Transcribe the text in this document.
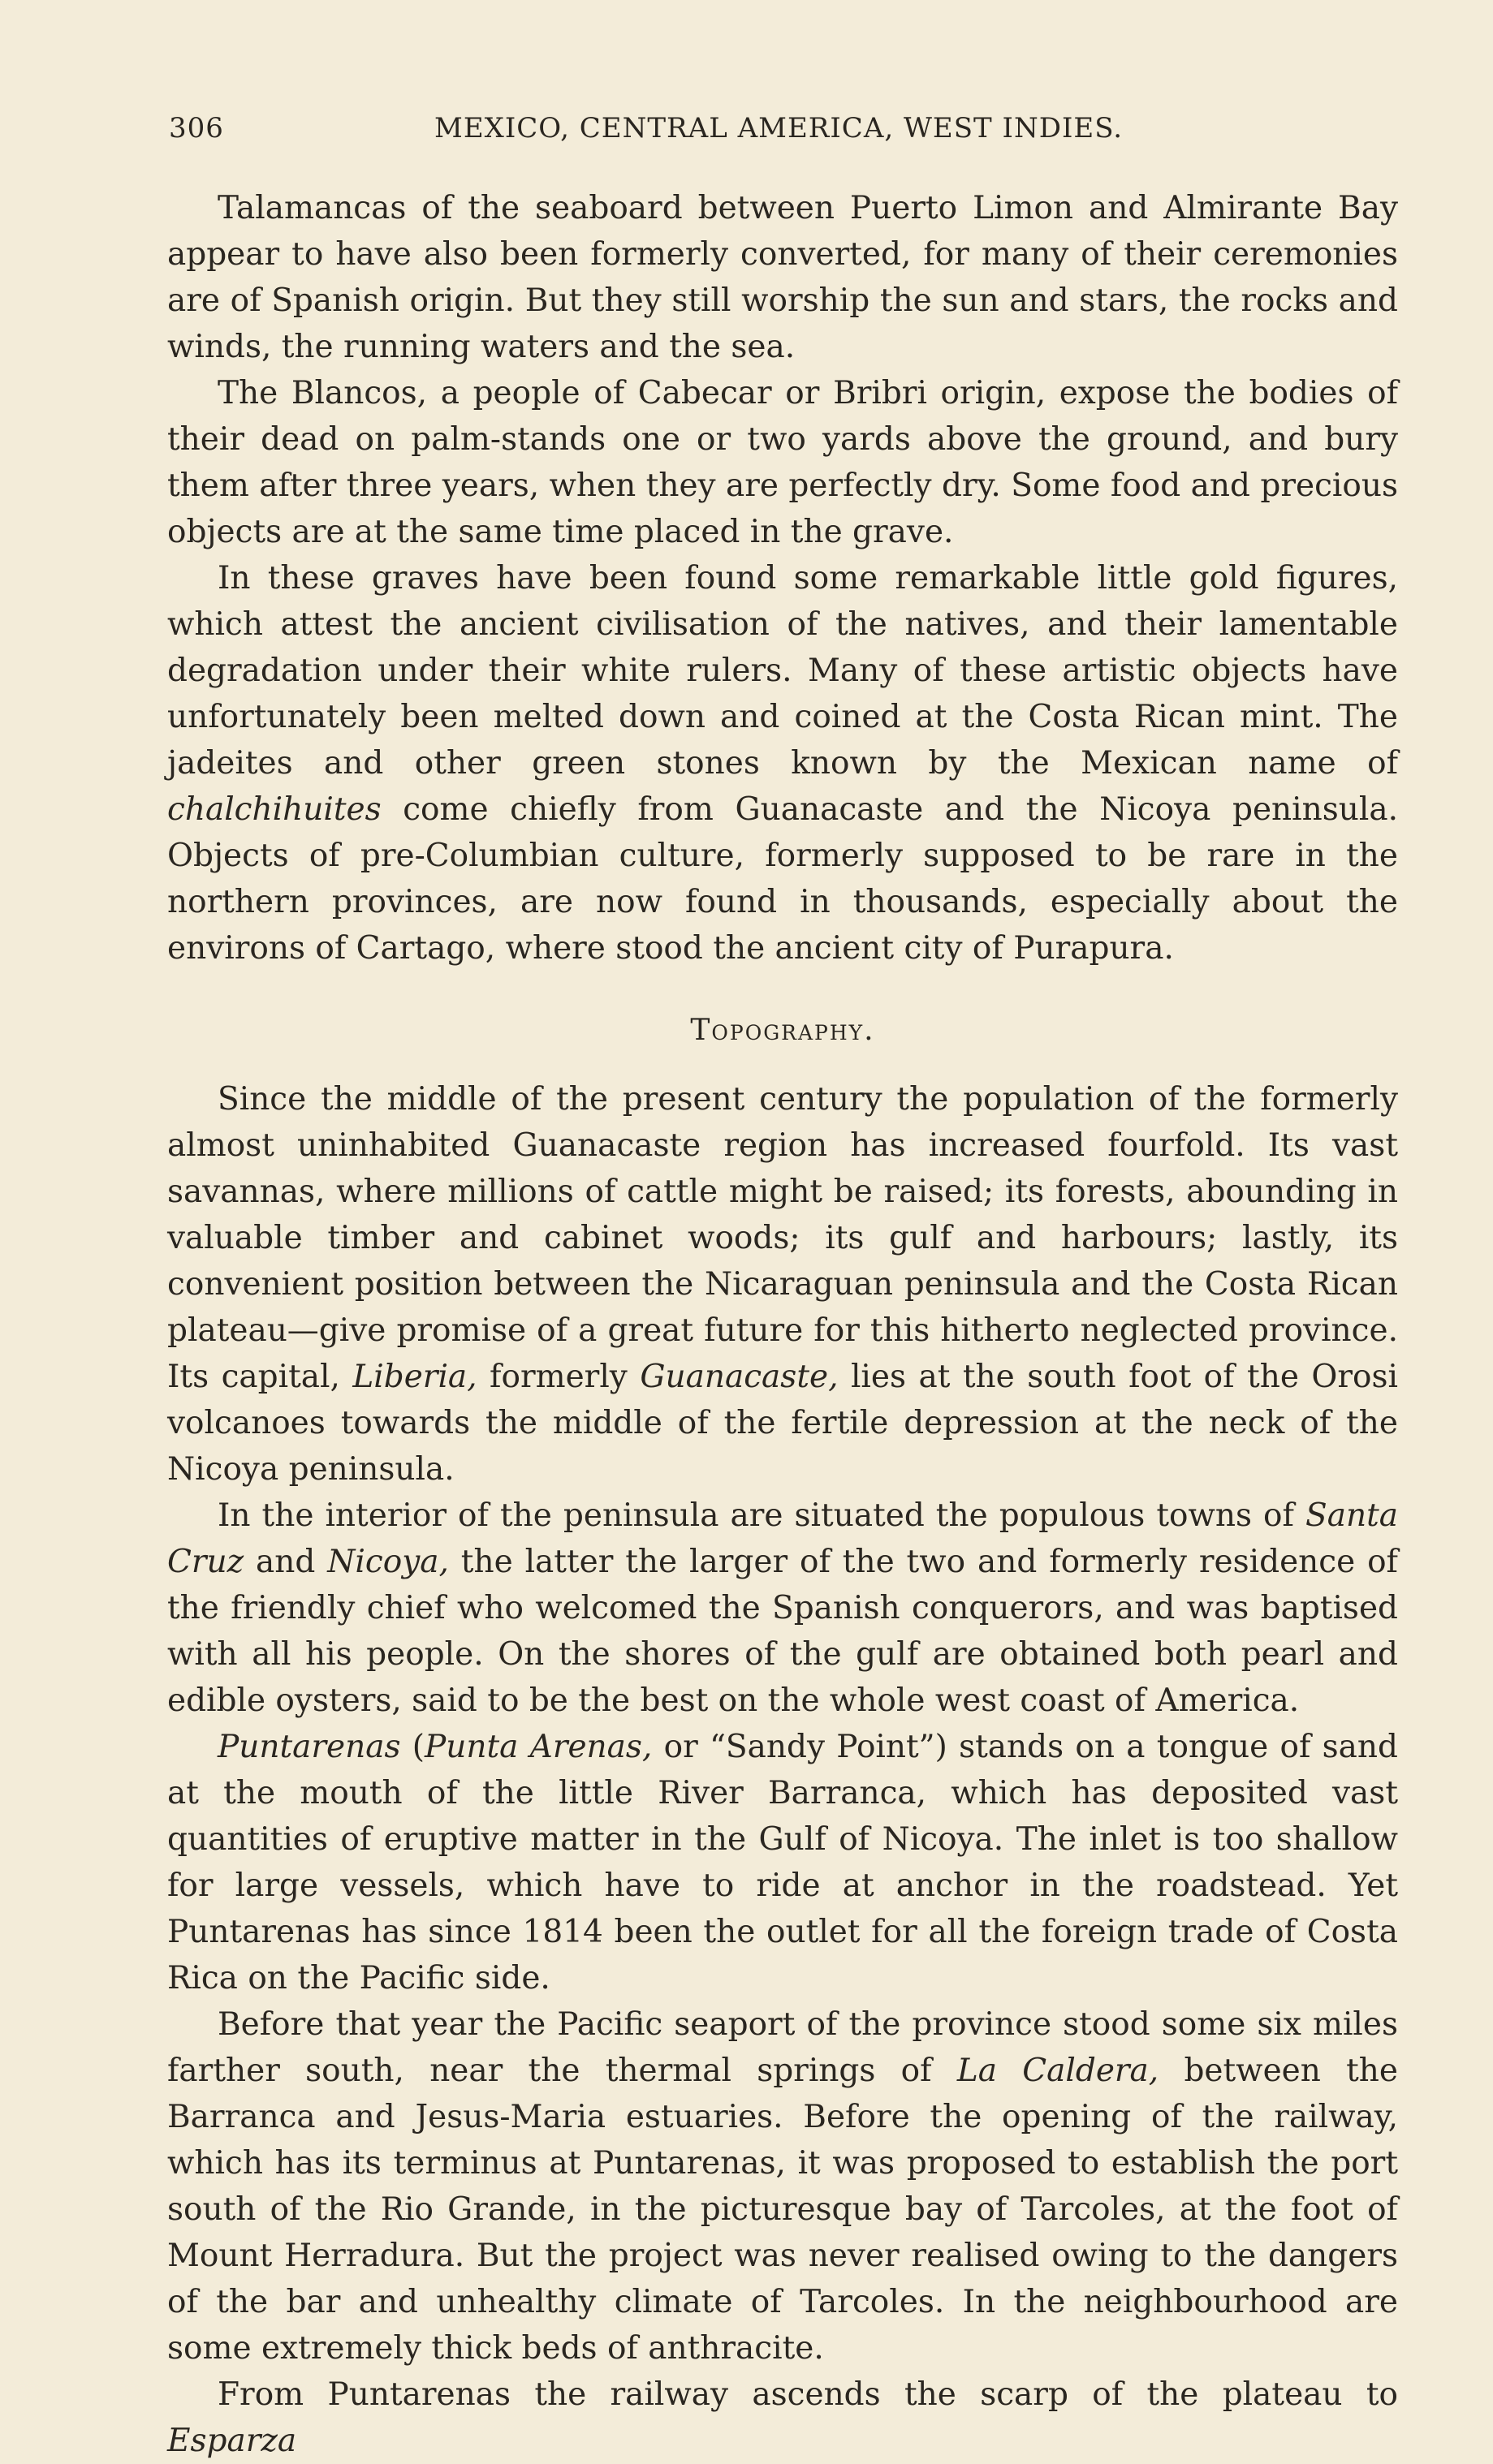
306	MEXICO, CENTRAL AMERICA, WEST INDIES.

Talamancas of the seaboard between Puerto Limon and Almirante Bay appear to have also been formerly converted, for many of their ceremonies are of Spanish origin. But they still worship the sun and stars, the rocks and winds, the running waters and the sea.

The Blancos, a people of Cabecar or Bribri origin, expose the bodies of their dead on palm-stands one or two yards above the ground, and bury them after three years, when they are perfectly dry. Some food and precious objects are at the same time placed in the grave.

In these graves have been found some remarkable little gold figures, which attest the ancient civilisation of the natives, and their lamentable degradation under their white rulers. Many of these artistic objects have unfortunately been melted down and coined at the Costa Rican mint. The jadeites and other green stones known by the Mexican name of chalchihuites come chiefly from Guanacaste and the Nicoya peninsula. Objects of pre-Columbian culture, formerly supposed to be rare in the northern provinces, are now found in thousands, especially about the environs of Cartago, where stood the ancient city of Purapura.

Topography.

Since the middle of the present century the population of the formerly almost uninhabited Guanacaste region has increased fourfold. Its vast savannas, where millions of cattle might be raised; its forests, abounding in valuable timber and cabinet woods; its gulf and harbours; lastly, its convenient position between the Nicaraguan peninsula and the Costa Rican plateau—give promise of a great future for this hitherto neglected province. Its capital, Liberia, formerly Guanacaste, lies at the south foot of the Orosi volcanoes towards the middle of the fertile depression at the neck of the Nicoya peninsula.

In the interior of the peninsula are situated the populous towns of Santa Cruz and Nicoya, the latter the larger of the two and formerly residence of the friendly chief who welcomed the Spanish conquerors, and was baptised with all his people. On the shores of the gulf are obtained both pearl and edible oysters, said to be the best on the whole west coast of America.

Puntarenas (Punta Arenas, or “Sandy Point”) stands on a tongue of sand at the mouth of the little River Barranca, which has deposited vast quantities of eruptive matter in the Gulf of Nicoya. The inlet is too shallow for large vessels, which have to ride at anchor in the roadstead. Yet Puntarenas has since 1814 been the outlet for all the foreign trade of Costa Rica on the Pacific side.

Before that year the Pacific seaport of the province stood some six miles farther south, near the thermal springs of La Caldera, between the Barranca and Jesus-Maria estuaries. Before the opening of the railway, which has its terminus at Puntarenas, it was proposed to establish the port south of the Rio Grande, in the picturesque bay of Tarcoles, at the foot of Mount Herradura. But the project was never realised owing to the dangers of the bar and unhealthy climate of Tarcoles. In the neighbourhood are some extremely thick beds of anthracite.

From Puntarenas the railway ascends the scarp of the plateau to Esparza
